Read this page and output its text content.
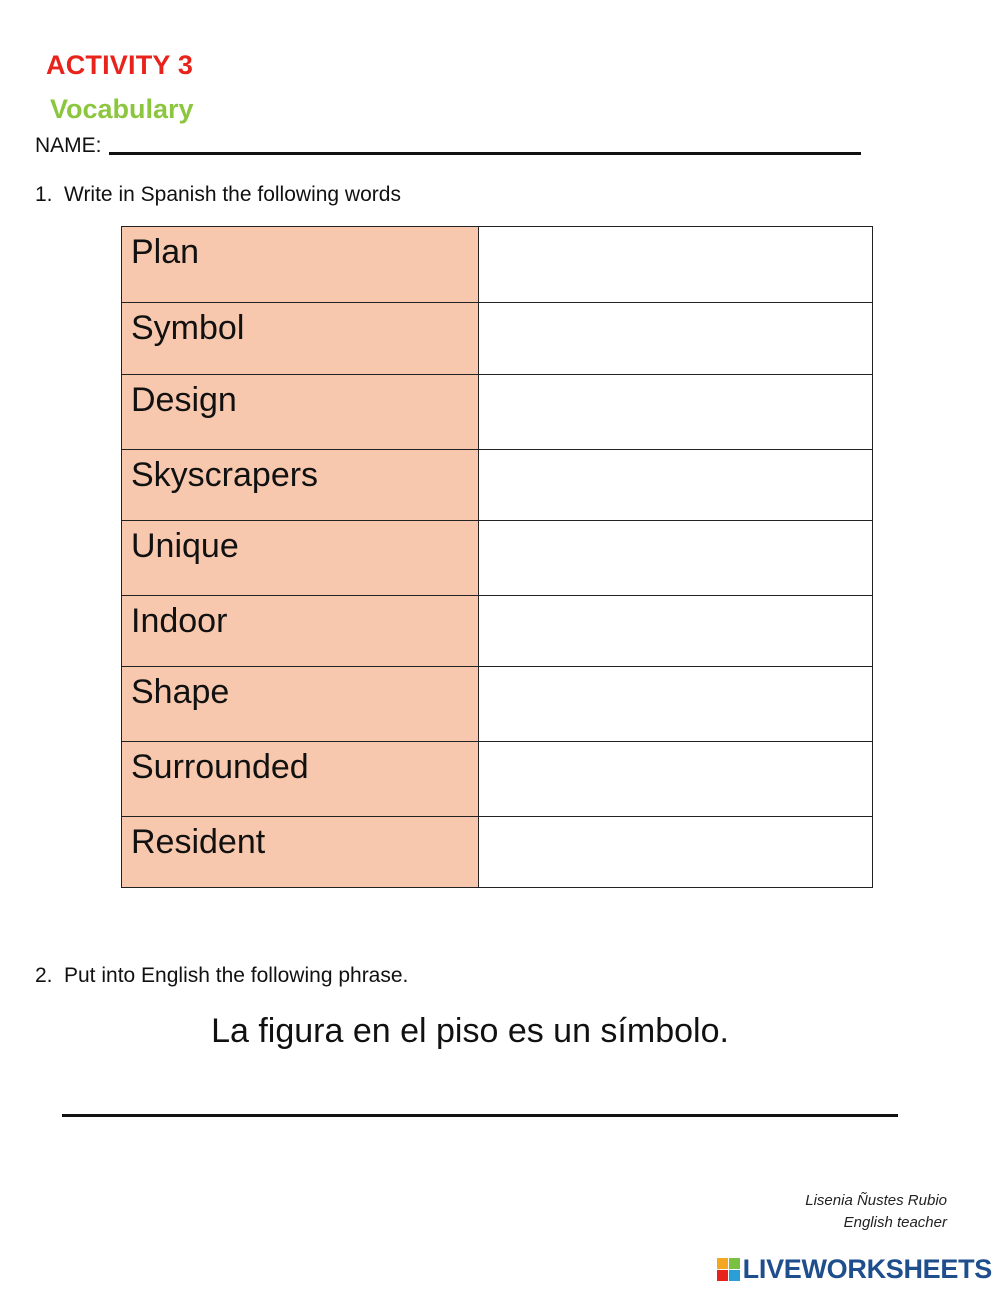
ACTIVITY 3
Vocabulary
NAME:
1. Write in Spanish the following words
Plan	
Symbol	
Design	
Skyscrapers	
Unique	
Indoor	
Shape	
Surrounded	
Resident	
2. Put into English the following phrase.
La figura en el piso es un símbolo.
Lisenia Ñustes Rubio
English teacher
LIVEWORKSHEETS
